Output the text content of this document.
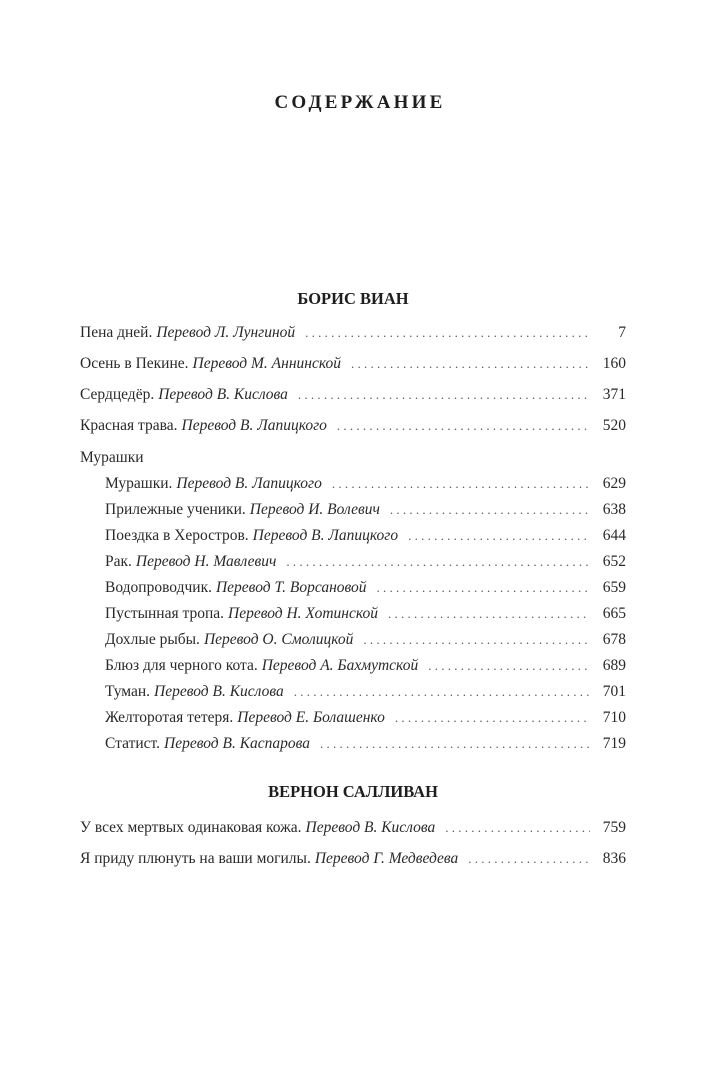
СОДЕРЖАНИЕ
БОРИС ВИАН
Пена дней. Перевод Л. Лунгиной . . .	7
Осень в Пекине. Перевод М. Аннинской . . .	160
Сердцедёр. Перевод В. Кислова . . .	371
Красная трава. Перевод В. Лапицкого . . .	520
Мурашки
Мурашки. Перевод В. Лапицкого . . .	629
Прилежные ученики. Перевод И. Волевич . . .	638
Поездка в Херостров. Перевод В. Лапицкого . . .	644
Рак. Перевод Н. Мавлевич . . .	652
Водопроводчик. Перевод Т. Ворсановой . . .	659
Пустынная тропа. Перевод Н. Хотинской . . .	665
Дохлые рыбы. Перевод О. Смолицкой . . .	678
Блюз для черного кота. Перевод А. Бахмутской . . .	689
Туман. Перевод В. Кислова . . .	701
Желторотая тетеря. Перевод Е. Болашенко . . .	710
Статист. Перевод В. Каспарова . . .	719
ВЕРНОН САЛЛИВАН
У всех мертвых одинаковая кожа. Перевод В. Кислова . . .	759
Я приду плюнуть на ваши могилы. Перевод Г. Медведева . . .	836
